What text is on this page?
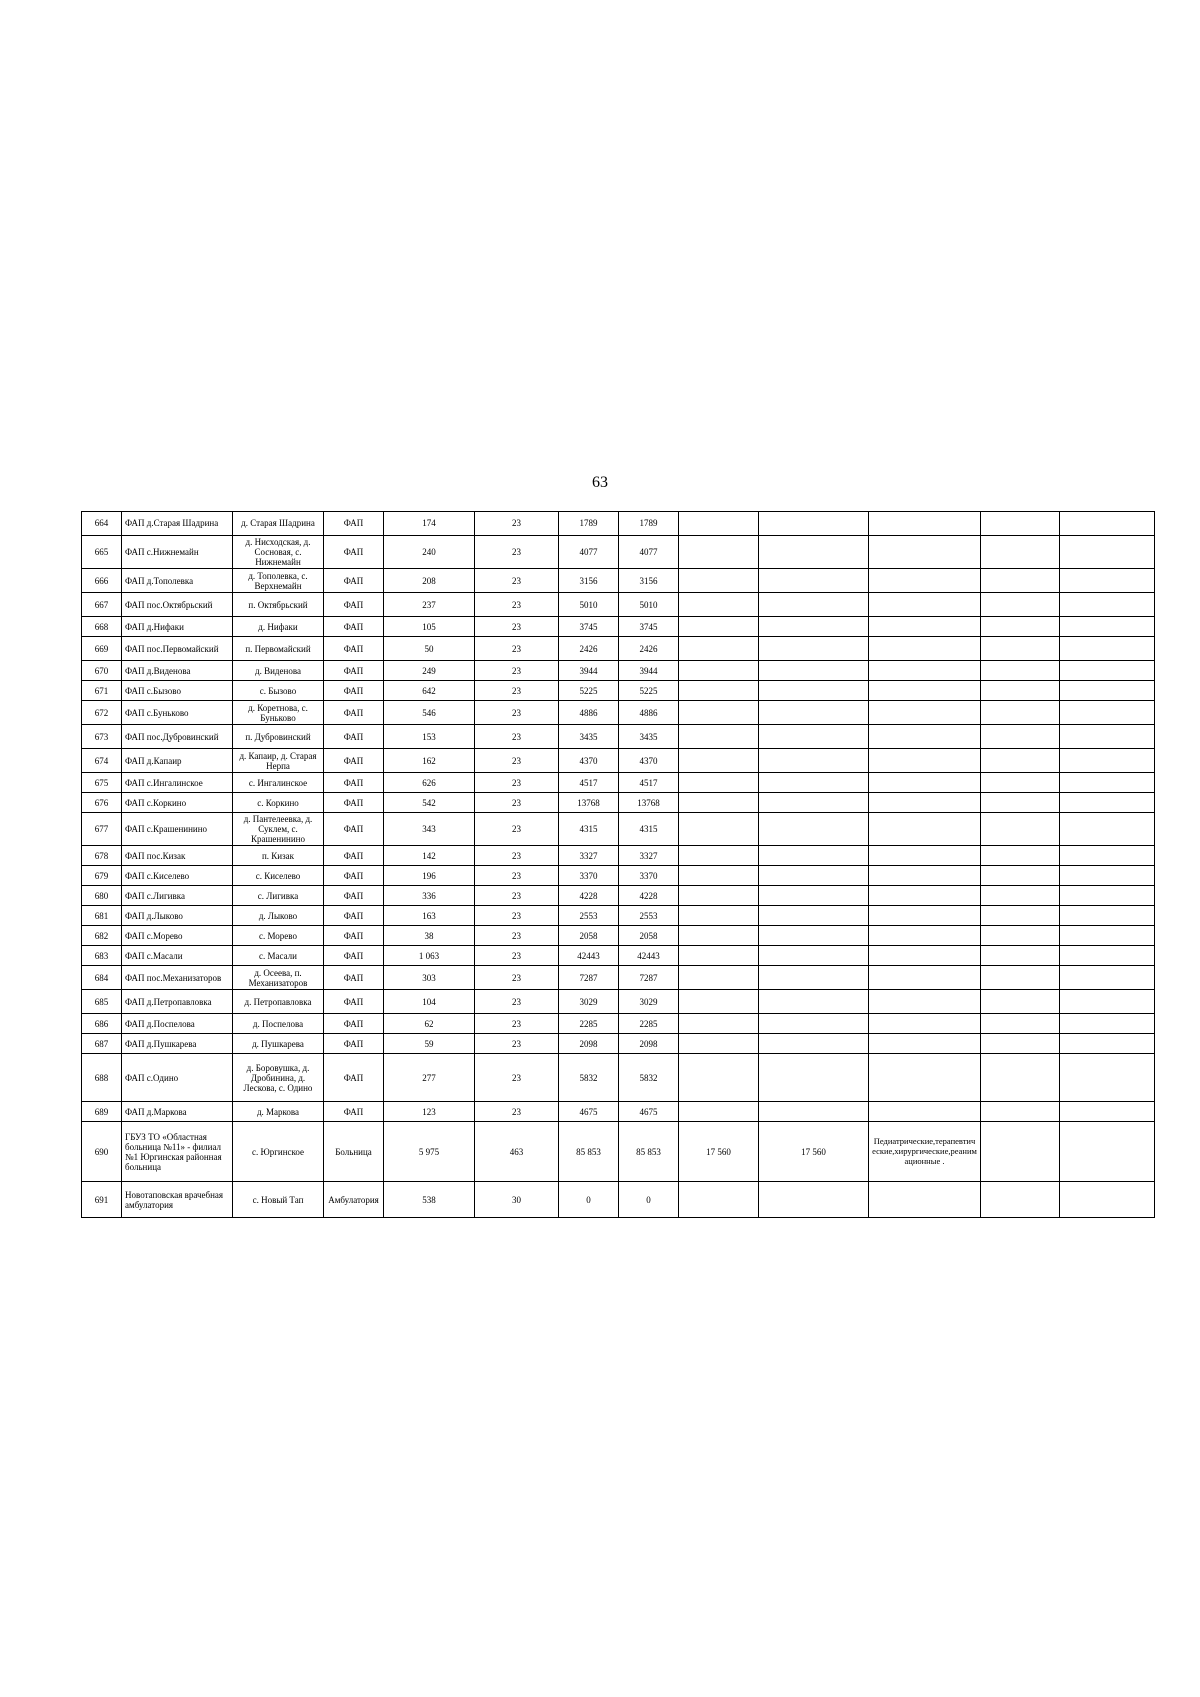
63
664	ФАП д.Старая Шадрина	д. Старая Шадрина	ФАП	174	23	1789	1789					
665	ФАП с.Нижнемайн	д. Нисходская, д. Сосновая, с. Нижнемайн	ФАП	240	23	4077	4077					
666	ФАП д.Тополевка	д. Тополевка, с. Верхнемайн	ФАП	208	23	3156	3156					
667	ФАП пос.Октябрьский	п. Октябрьский	ФАП	237	23	5010	5010					
668	ФАП д.Нифаки	д. Нифаки	ФАП	105	23	3745	3745					
669	ФАП пос.Первомайский	п. Первомайский	ФАП	50	23	2426	2426					
670	ФАП д.Виденова	д. Виденова	ФАП	249	23	3944	3944					
671	ФАП с.Бызово	с. Бызово	ФАП	642	23	5225	5225					
672	ФАП с.Буньково	д. Коретнова, с. Буньково	ФАП	546	23	4886	4886					
673	ФАП пос.Дубровинский	п. Дубровинский	ФАП	153	23	3435	3435					
674	ФАП д.Капаир	д. Капаир, д. Старая Нерпа	ФАП	162	23	4370	4370					
675	ФАП с.Ингалинское	с. Ингалинское	ФАП	626	23	4517	4517					
676	ФАП с.Коркино	с. Коркино	ФАП	542	23	13768	13768					
677	ФАП с.Крашенинино	д. Пантелеевка, д. Суклем, с. Крашенинино	ФАП	343	23	4315	4315					
678	ФАП пос.Кизак	п. Кизак	ФАП	142	23	3327	3327					
679	ФАП с.Киселево	с. Киселево	ФАП	196	23	3370	3370					
680	ФАП с.Лигивка	с. Лигивка	ФАП	336	23	4228	4228					
681	ФАП д.Лыково	д. Лыково	ФАП	163	23	2553	2553					
682	ФАП с.Морево	с. Морево	ФАП	38	23	2058	2058					
683	ФАП с.Масали	с. Масали	ФАП	1 063	23	42443	42443					
684	ФАП пос.Механизаторов	д. Осеева, п. Механизаторов	ФАП	303	23	7287	7287					
685	ФАП д.Петропавловка	д. Петропавловка	ФАП	104	23	3029	3029					
686	ФАП д.Поспелова	д. Поспелова	ФАП	62	23	2285	2285					
687	ФАП д.Пушкарева	д. Пушкарева	ФАП	59	23	2098	2098					
688	ФАП с.Одино	д. Боровушка, д. Дробинина, д. Лескова, с. Одино	ФАП	277	23	5832	5832					
689	ФАП д.Маркова	д. Маркова	ФАП	123	23	4675	4675					
690	ГБУЗ ТО «Областная больница №11» - филиал №1 Юргинская районная больница	с. Юргинское	Больница	5 975	463	85 853	85 853	17 560	17 560	Педиатрические,терапевтические,хирургические,реанимационные .		
691	Новотаповская врачебная амбулатория	с. Новый Тап	Амбулатория	538	30	0	0					
